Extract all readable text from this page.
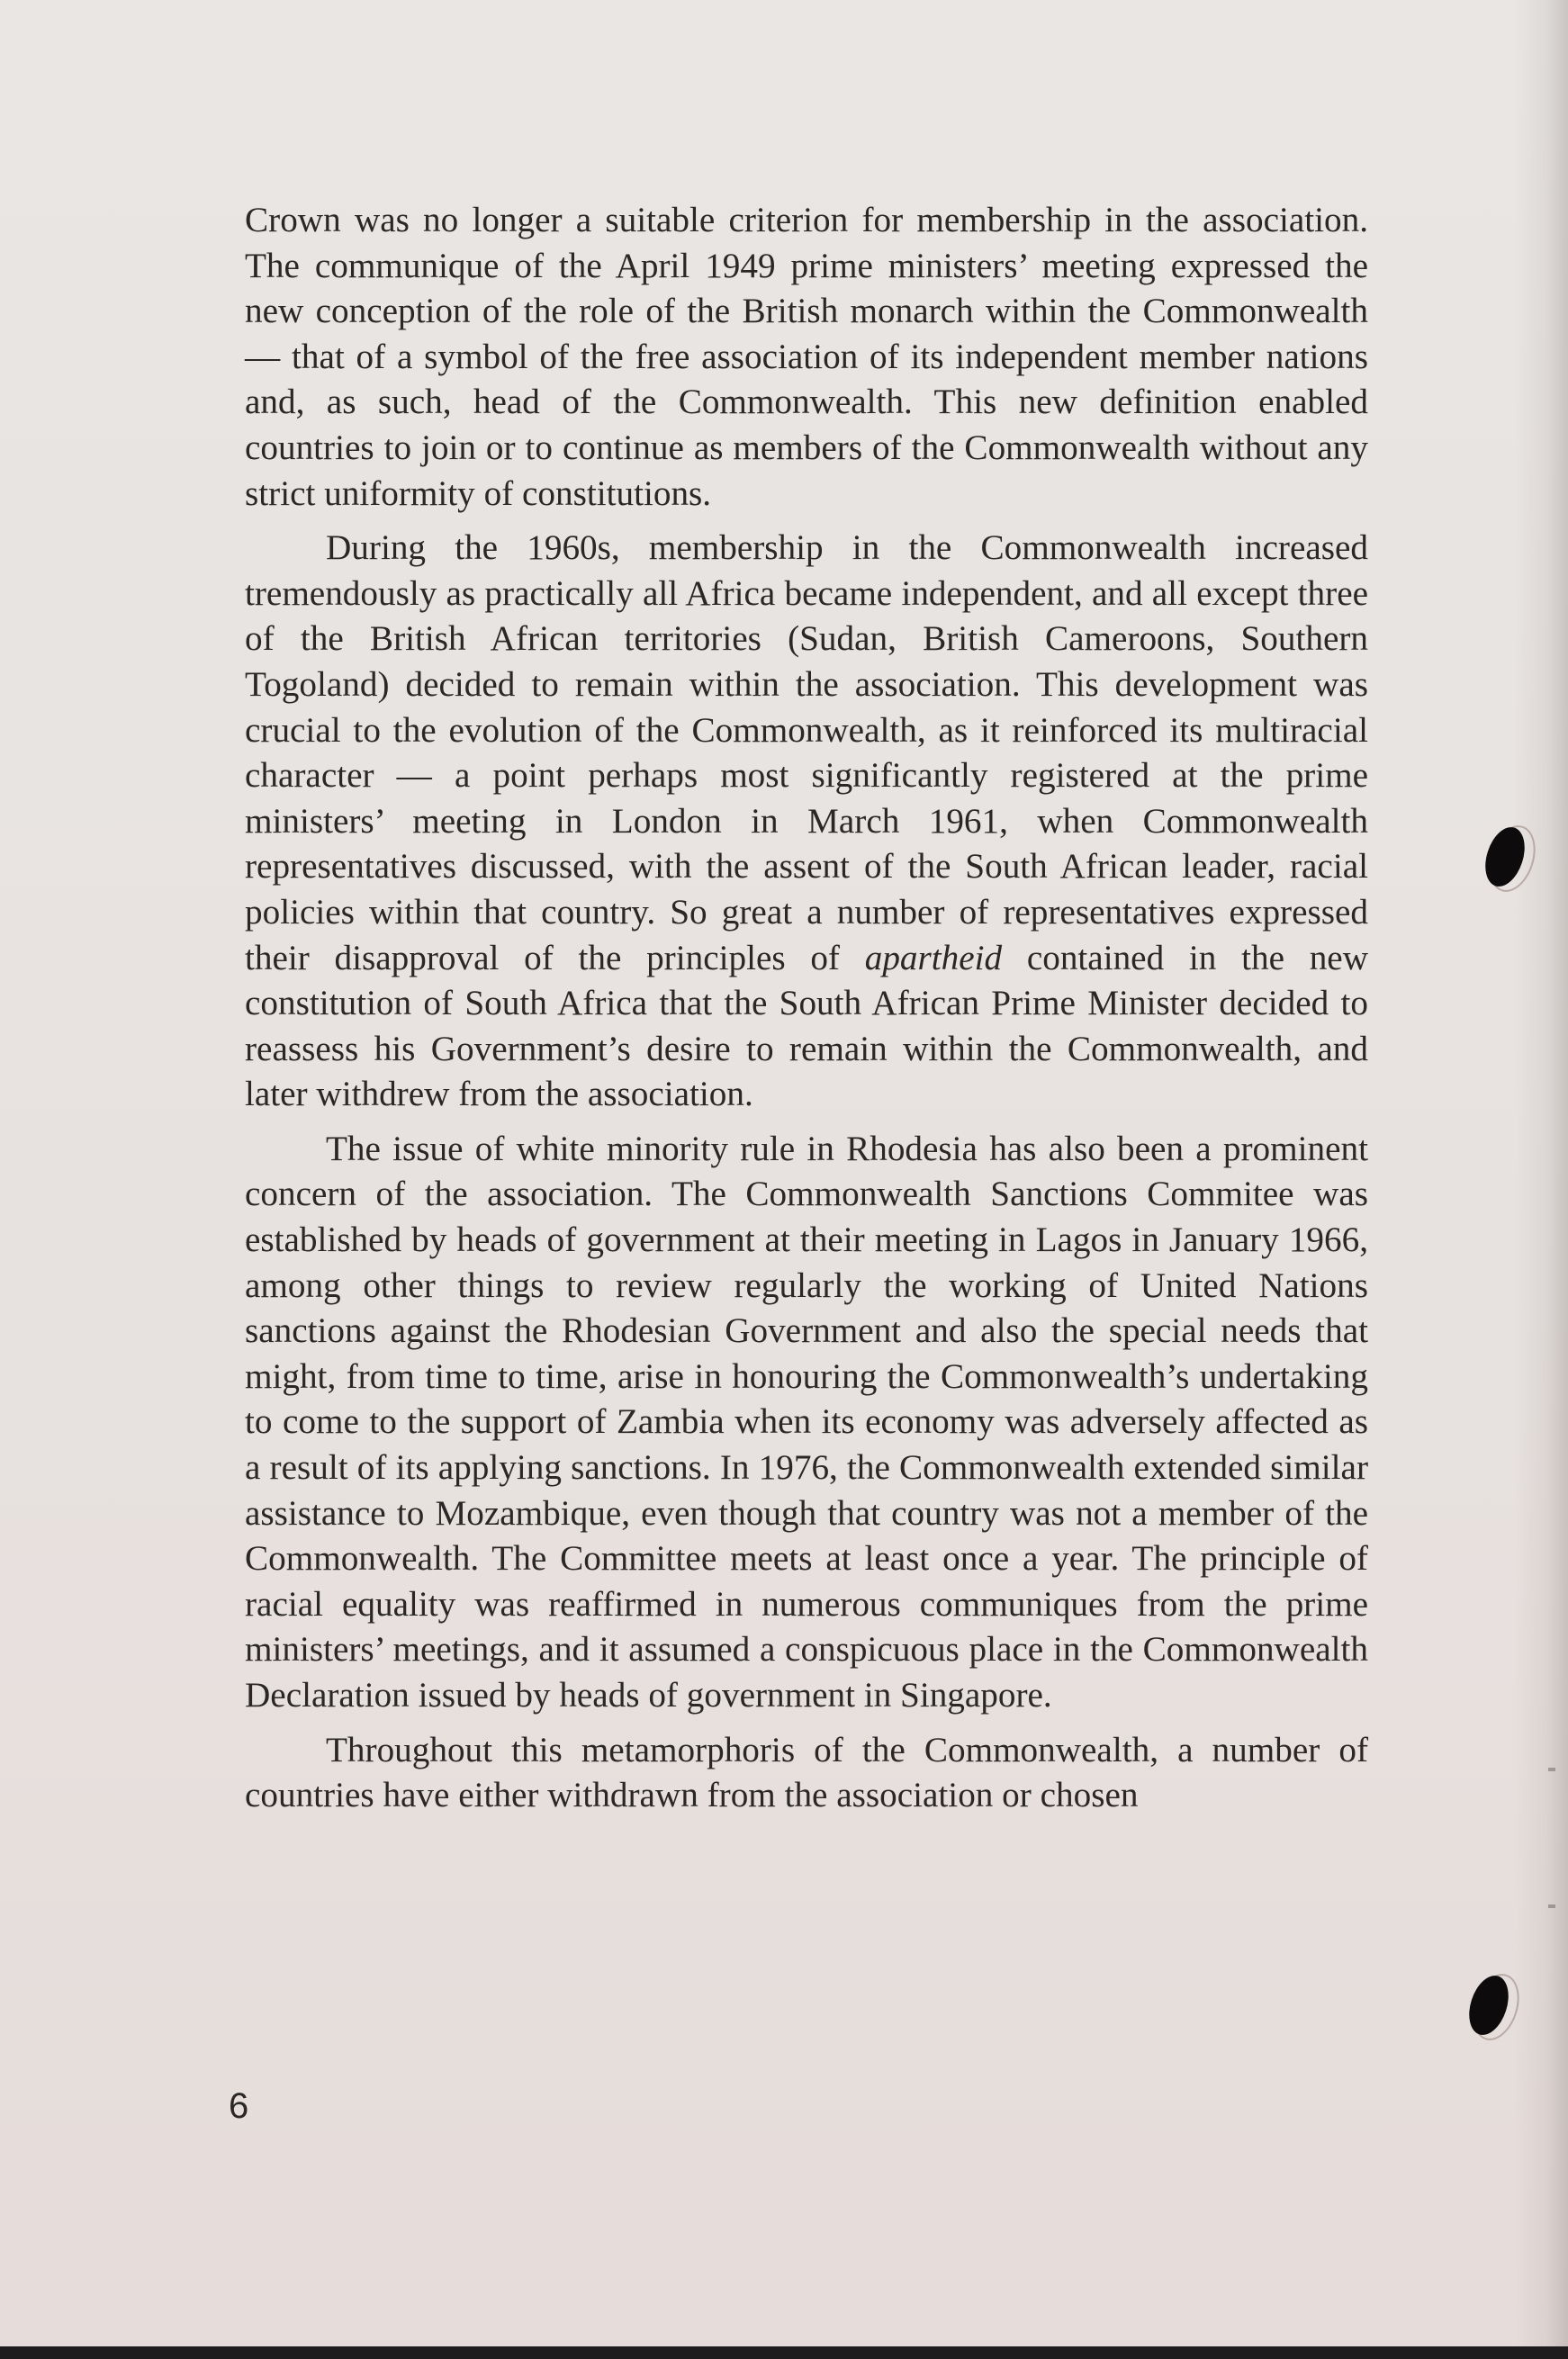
Crown was no longer a suitable criterion for membership in the association. The communique of the April 1949 prime ministers’ meeting expressed the new conception of the role of the British monarch within the Commonwealth — that of a symbol of the free association of its independent member nations and, as such, head of the Commonwealth. This new definition enabled countries to join or to continue as members of the Commonwealth without any strict uniformity of constitutions.

During the 1960s, membership in the Commonwealth increased tremendously as practically all Africa became independent, and all except three of the British African territories (Sudan, British Cameroons, Southern Togoland) decided to remain within the association. This development was crucial to the evolution of the Commonwealth, as it reinforced its multiracial character — a point perhaps most significantly registered at the prime ministers’ meeting in London in March 1961, when Commonwealth representatives discussed, with the assent of the South African leader, racial policies within that country. So great a number of representatives expressed their disapproval of the principles of apartheid contained in the new constitution of South Africa that the South African Prime Minister decided to reassess his Government’s desire to remain within the Commonwealth, and later withdrew from the association.

The issue of white minority rule in Rhodesia has also been a prominent concern of the association. The Commonwealth Sanctions Commitee was established by heads of government at their meeting in Lagos in January 1966, among other things to review regularly the working of United Nations sanctions against the Rhodesian Government and also the special needs that might, from time to time, arise in honouring the Commonwealth’s undertaking to come to the support of Zambia when its economy was adversely affected as a result of its applying sanctions. In 1976, the Commonwealth extended similar assistance to Mozambique, even though that country was not a member of the Commonwealth. The Committee meets at least once a year. The principle of racial equality was reaffirmed in numerous communiques from the prime ministers’ meetings, and it assumed a conspicuous place in the Commonwealth Declaration issued by heads of government in Singapore.

Throughout this metamorphoris of the Commonwealth, a number of countries have either withdrawn from the association or chosen

6
